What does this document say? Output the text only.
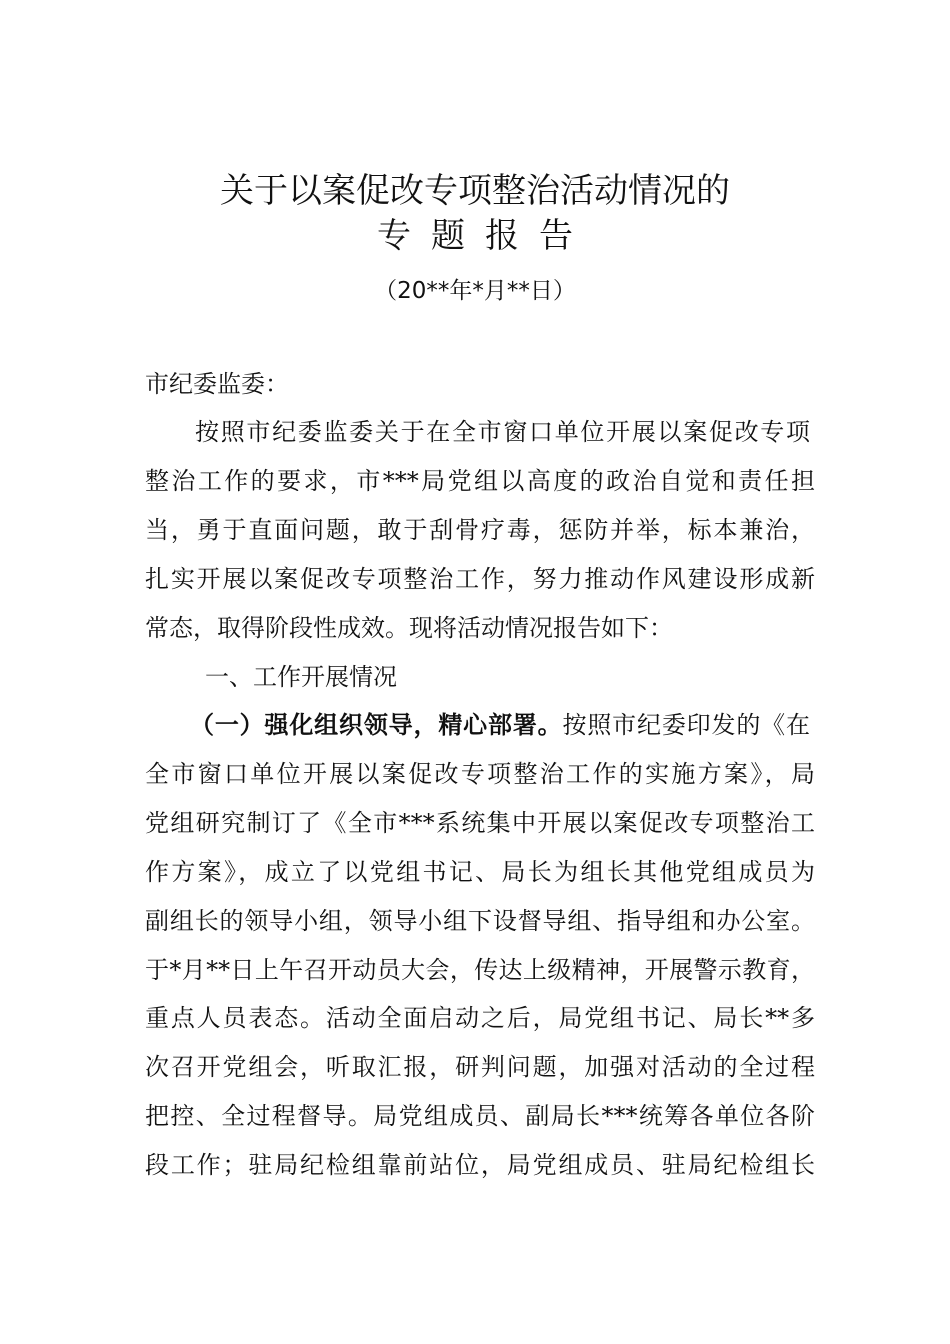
关于以案促改专项整治活动情况的
专题报告
（20**年*月**日）
市纪委监委：
按照市纪委监委关于在全市窗口单位开展以案促改专项
整治工作的要求，市***局党组以高度的政治自觉和责任担
当，勇于直面问题，敢于刮骨疗毒，惩防并举，标本兼治，
扎实开展以案促改专项整治工作，努力推动作风建设形成新
常态，取得阶段性成效。现将活动情况报告如下：
一、工作开展情况
（一）强化组织领导，精心部署。按照市纪委印发的《在
全市窗口单位开展以案促改专项整治工作的实施方案》，局
党组研究制订了《全市***系统集中开展以案促改专项整治工
作方案》，成立了以党组书记、局长为组长其他党组成员为
副组长的领导小组，领导小组下设督导组、指导组和办公室。
于*月**日上午召开动员大会，传达上级精神，开展警示教育，
重点人员表态。活动全面启动之后，局党组书记、局长**多
次召开党组会，听取汇报，研判问题，加强对活动的全过程
把控、全过程督导。局党组成员、副局长***统筹各单位各阶
段工作；驻局纪检组靠前站位，局党组成员、驻局纪检组长
